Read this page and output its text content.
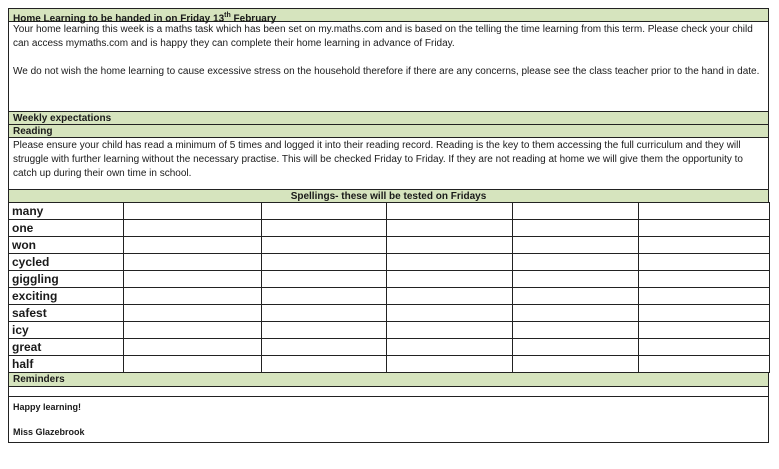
Home Learning to be handed in on Friday 13th February

Your home learning this week is a maths task which has been set on my.maths.com and is based on the telling the time learning from this term. Please check your child can access mymaths.com and is happy they can complete their home learning in advance of Friday.

We do not wish the home learning to cause excessive stress on the household therefore if there are any concerns, please see the class teacher prior to the hand in date.

Weekly expectations
Reading

Please ensure your child has read a minimum of 5 times and logged it into their reading record. Reading is the key to them accessing the full curriculum and they will struggle with further learning without the necessary practise. This will be checked Friday to Friday. If they are not reading at home we will give them the opportunity to catch up during their own time in school.

Spellings- these will be tested on Fridays
many					
one					
won					
cycled					
giggling					
exciting					
safest					
icy					
great					
half					
Reminders
Happy learning!
Miss Glazebrook
